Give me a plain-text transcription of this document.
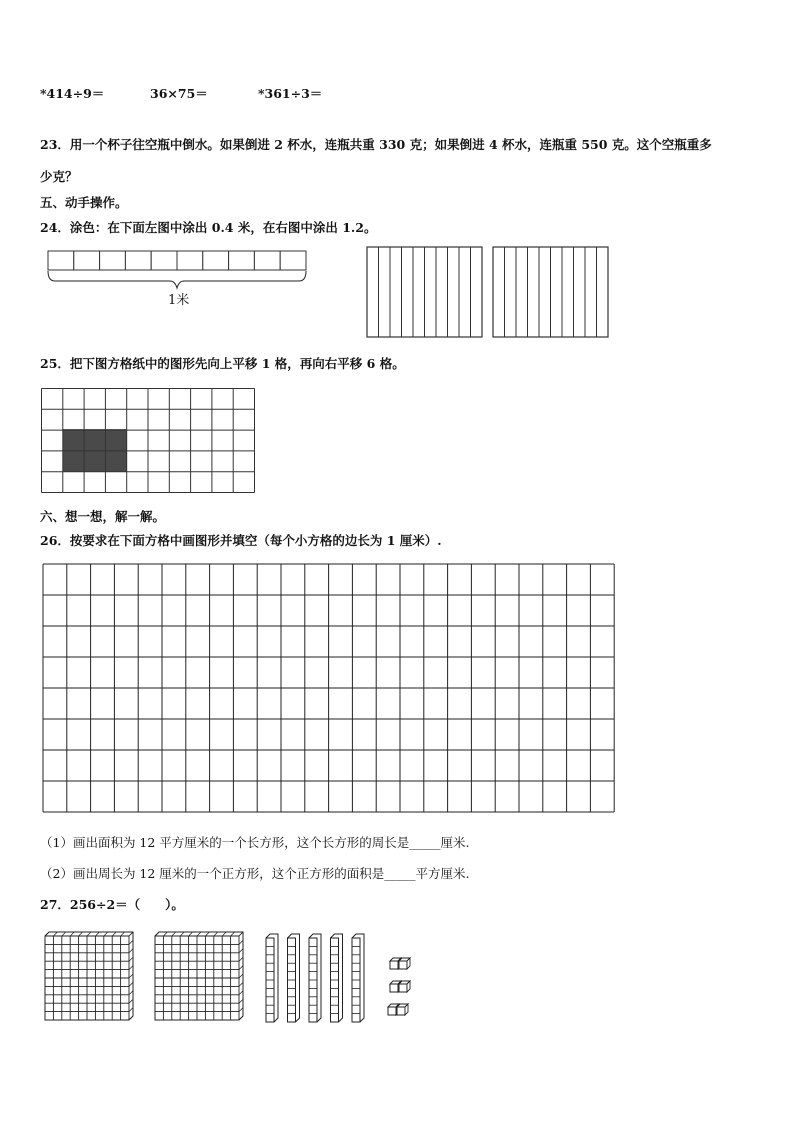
*414÷9＝	36×75＝	*361÷3＝
23．用一个杯子往空瓶中倒水。如果倒进 2 杯水，连瓶共重 330 克；如果倒进 4 杯水，连瓶重 550 克。这个空瓶重多
少克？
五、动手操作。
24．涂色：在下面左图中涂出 0.4 米，在右图中涂出 1.2。
1米
25．把下图方格纸中的图形先向上平移 1 格，再向右平移 6 格。
六、想一想，解一解。
26．按要求在下面方格中画图形并填空（每个小方格的边长为 1 厘米）.
（1）画出面积为 12 平方厘米的一个长方形，这个长方形的周长是_____厘米.
（2）画出周长为 12 厘米的一个正方形，这个正方形的面积是_____平方厘米.
27．256÷2＝（　　）。
